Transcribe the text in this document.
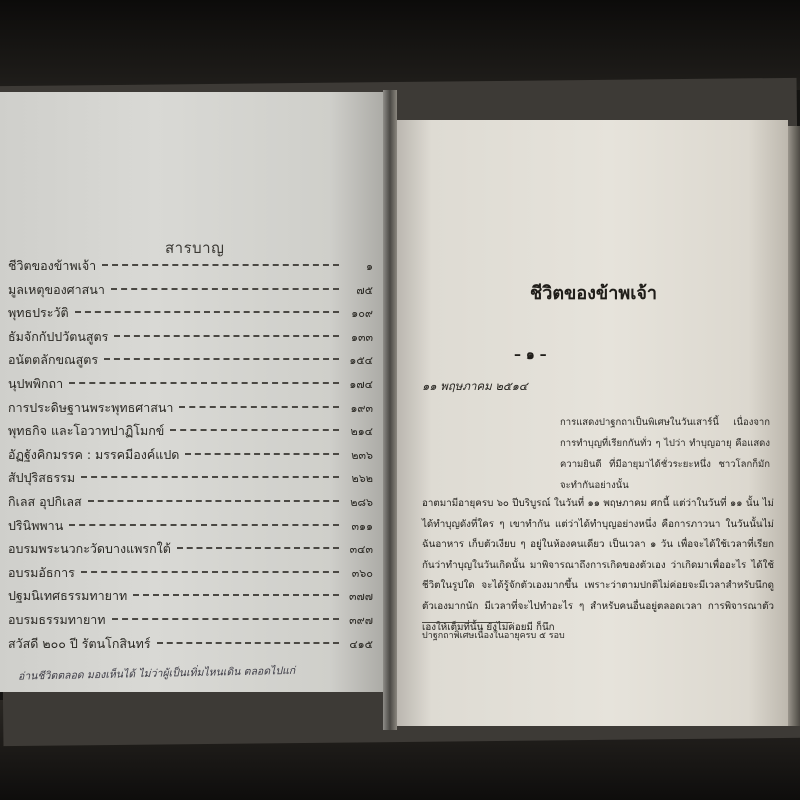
สารบาญ
ชีวิตของข้าพเจ้า	๑
มูลเหตุของศาสนา	๗๕
พุทธประวัติ	๑๐๙
ธัมจักกัปปวัตนสูตร	๑๓๓
อนัตตลักขณสูตร	๑๕๔
นุปพพิกถา	๑๗๔
การประดิษฐานพระพุทธศาสนา	๑๙๓
พุทธกิจ และโอวาทปาฏิโมกข์	๒๑๔
อัฏฐังคิกมรรค : มรรคมีองค์แปด	๒๓๖
สัปปุริสธรรม	๒๖๒
กิเลส อุปกิเลส	๒๘๖
ปรินิพพาน	๓๑๑
อบรมพระนวกะวัดบางแพรกใต้	๓๔๓
อบรมอัธการ	๓๖๐
ปฐมนิเทศธรรมทายาท	๓๗๗
อบรมธรรมทายาท	๓๙๗
สวัสดี ๒๐๐ ปี รัตนโกสินทร์	๔๑๕
อ่านชีวิตตลอด มองเห็นได้ ไม่ว่าผู้เป็นเทิ่มไหนเดิน ตลอดไปแก่
ชีวิตของข้าพเจ้า
– ๑ –
๑๑ พฤษภาคม ๒๕๑๔
การแสดงปาฐกถาเป็นพิเศษในวันเสาร์นี้ เนื่องจากการทำบุญที่เรียกกันทั่ว ๆ ไปว่า ทำบุญอายุ คือแสดงความยินดี ที่มีอายุมาได้ชั่วระยะหนึ่ง ชาวโลกก็มักจะทำกันอย่างนั้น
อาตมามีอายุครบ ๖๐ ปีบริบูรณ์ ในวันที่ ๑๑ พฤษภาคม ศกนี้ แต่ว่าในวันที่ ๑๑ นั้น ไม่ได้ทำบุญดังที่ใคร ๆ เขาทำกัน แต่ว่าได้ทำบุญอย่างหนึ่ง คือการภาวนา ในวันนั้นไม่ฉันอาหาร เก็บตัวเงียบ ๆ อยู่ในห้องคนเดียว เป็นเวลา ๑ วัน เพื่อจะได้ใช้เวลาที่เรียกกันว่าทำบุญในวันเกิดนั้น มาพิจารณาถึงการเกิดของตัวเอง ว่าเกิดมาเพื่ออะไร ได้ใช้ชีวิตในรูปใด จะได้รู้จักตัวเองมากขึ้น เพราะว่าตามปกติไม่ค่อยจะมีเวลาสำหรับนึกดูตัวเองมากนัก มีเวลาที่จะไปทำอะไร ๆ สำหรับคนอื่นอยู่ตลอดเวลา การพิจารณาตัวเองให้เต็มที่นั้น ยังไม่ค่อยมี ก็นึก
ปาฐกถาพิเศษเนื่องในอายุครบ ๕ รอบ
